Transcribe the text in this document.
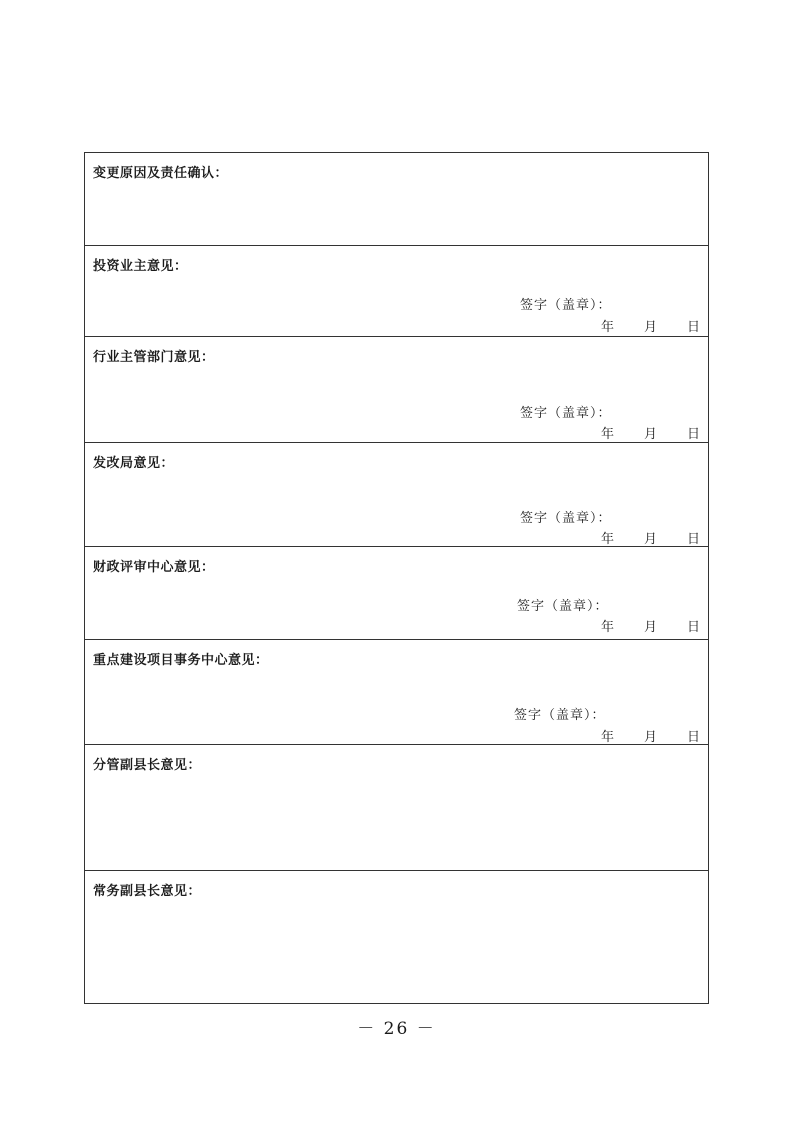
变更原因及责任确认：
投资业主意见：
签字（盖章）：
年 月 日
行业主管部门意见：
签字（盖章）：
年 月 日
发改局意见：
签字（盖章）：
年 月 日
财政评审中心意见：
签字（盖章）：
年 月 日
重点建设项目事务中心意见：
签字（盖章）：
年 月 日
分管副县长意见：
常务副县长意见：
－ 26 －
